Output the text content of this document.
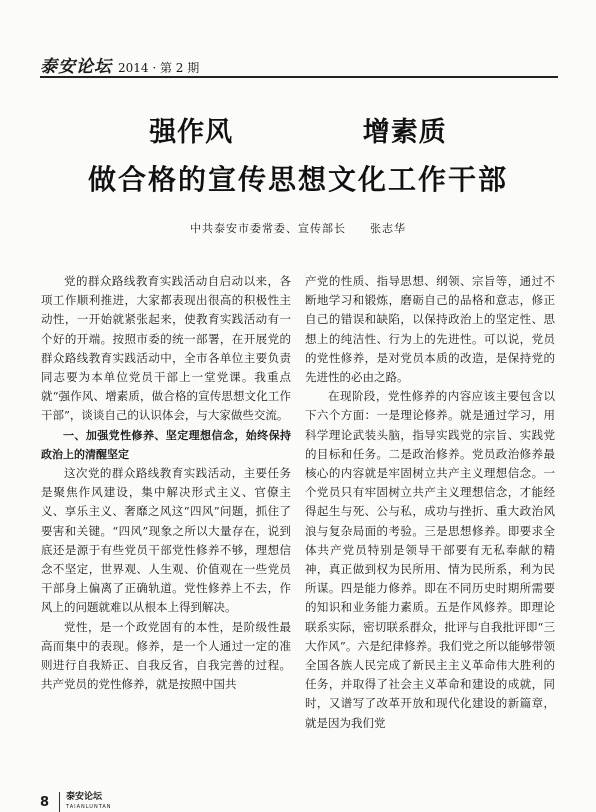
泰安论坛 2014 · 第 2 期
强作风    增素质
做合格的宣传思想文化工作干部
中共泰安市委常委、宣传部长 张志华

党的群众路线教育实践活动自启动以来，各项工作顺利推进，大家都表现出很高的积极性主动性，一开始就紧张起来，使教育实践活动有一个好的开端。按照市委的统一部署，在开展党的群众路线教育实践活动中，全市各单位主要负责同志要为本单位党员干部上一堂党课。我重点就“强作风、增素质，做合格的宣传思想文化工作干部”，谈谈自己的认识体会，与大家做些交流。

一、加强党性修养、坚定理想信念，始终保持政治上的清醒坚定

这次党的群众路线教育实践活动，主要任务是聚焦作风建设，集中解决形式主义、官僚主义、享乐主义、奢靡之风这“四风”问题，抓住了要害和关键。“四风”现象之所以大量存在，说到底还是源于有些党员干部党性修养不够，理想信念不坚定，世界观、人生观、价值观在一些党员干部身上偏离了正确轨道。党性修养上不去，作风上的问题就难以从根本上得到解决。

党性，是一个政党固有的本性，是阶级性最高而集中的表现。修养，是一个人通过一定的准则进行自我矫正、自我反省，自我完善的过程。共产党员的党性修养，就是按照中国共

产党的性质、指导思想、纲领、宗旨等，通过不断地学习和锻炼，磨砺自己的品格和意志，修正自己的错误和缺陷，以保持政治上的坚定性、思想上的纯洁性、行为上的先进性。可以说，党员的党性修养，是对党员本质的改造，是保持党的先进性的必由之路。

在现阶段，党性修养的内容应该主要包含以下六个方面：一是理论修养。就是通过学习，用科学理论武装头脑，指导实践党的宗旨、实践党的目标和任务。二是政治修养。党员政治修养最核心的内容就是牢固树立共产主义理想信念。一个党员只有牢固树立共产主义理想信念，才能经得起生与死、公与私，成功与挫折、重大政治风浪与复杂局面的考验。三是思想修养。即要求全体共产党员特别是领导干部要有无私奉献的精神，真正做到权为民所用、情为民所系，利为民所谋。四是能力修养。即在不同历史时期所需要的知识和业务能力素质。五是作风修养。即理论联系实际，密切联系群众，批评与自我批评即“三大作风”。六是纪律修养。我们党之所以能够带领全国各族人民完成了新民主主义革命伟大胜利的任务，并取得了社会主义革命和建设的成就，同时，又谱写了改革开放和现代化建设的新篇章，就是因为我们党

8 泰安论坛
TAIANLUNTAN
